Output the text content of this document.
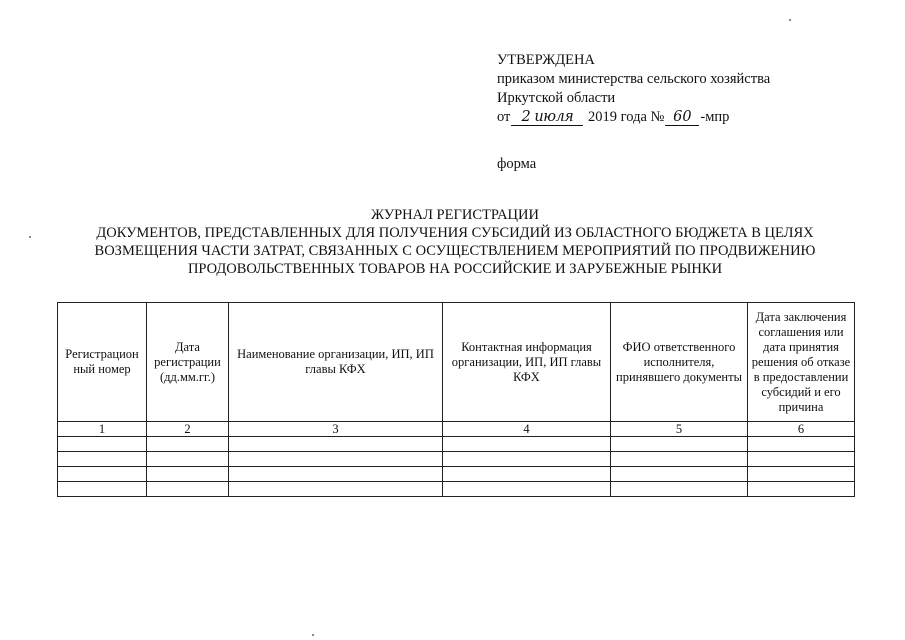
УТВЕРЖДЕНА
приказом министерства сельского хозяйства
Иркутской области
от 2 июля 2019 года № 60 -мпр
форма
ЖУРНАЛ РЕГИСТРАЦИИ
ДОКУМЕНТОВ, ПРЕДСТАВЛЕННЫХ ДЛЯ ПОЛУЧЕНИЯ СУБСИДИЙ ИЗ ОБЛАСТНОГО БЮДЖЕТА В ЦЕЛЯХ
ВОЗМЕЩЕНИЯ ЧАСТИ ЗАТРАТ, СВЯЗАННЫХ С ОСУЩЕСТВЛЕНИЕМ МЕРОПРИЯТИЙ ПО ПРОДВИЖЕНИЮ
ПРОДОВОЛЬСТВЕННЫХ ТОВАРОВ НА РОССИЙСКИЕ И ЗАРУБЕЖНЫЕ РЫНКИ
Регистрацион ный номер	Дата регистрации (дд.мм.гг.)	Наименование организации, ИП, ИП главы КФХ	Контактная информация организации, ИП, ИП главы КФХ	ФИО ответственного исполнителя, принявшего документы	Дата заключения соглашения или дата принятия решения об отказе в предоставлении субсидий и его причина
1	2	3	4	5	6
